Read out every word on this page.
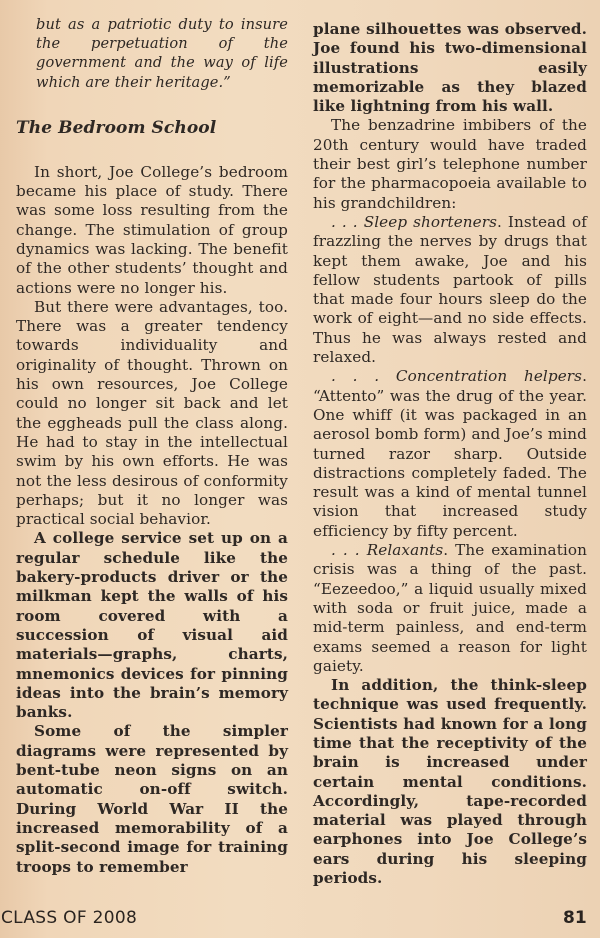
but as a patriotic duty to insure the perpetuation of the government and the way of life which are their heritage.”

The Bedroom School

In short, Joe College’s bedroom became his place of study. There was some loss resulting from the change. The stimulation of group dynamics was lacking. The benefit of the other students’ thought and actions were no longer his.

But there were advantages, too. There was a greater tendency towards individuality and originality of thought. Thrown on his own resources, Joe College could no longer sit back and let the eggheads pull the class along. He had to stay in the intellectual swim by his own efforts. He was not the less desirous of conformity perhaps; but it no longer was practical social behavior.

A college service set up on a regular schedule like the bakery-products driver or the milkman kept the walls of his room covered with a succession of visual aid materials—graphs, charts, mnemonics devices for pinning ideas into the brain’s memory banks.

Some of the simpler diagrams were represented by bent-tube neon signs on an automatic on-off switch. During World War II the increased memorability of a split-second image for training troops to remember

plane silhouettes was observed. Joe found his two-dimensional illustrations easily memorizable as they blazed like lightning from his wall.

The benzadrine imbibers of the 20th century would have traded their best girl’s telephone number for the pharmacopoeia available to his grandchildren:

. . . Sleep shorteners. Instead of frazzling the nerves by drugs that kept them awake, Joe and his fellow students partook of pills that made four hours sleep do the work of eight—and no side effects. Thus he was always rested and relaxed.

. . . Concentration helpers. “Attento” was the drug of the year. One whiff (it was packaged in an aerosol bomb form) and Joe’s mind turned razor sharp. Outside distractions completely faded. The result was a kind of mental tunnel vision that increased study efficiency by fifty percent.

. . . Relaxants. The examination crisis was a thing of the past. “Eezeedoo,” a liquid usually mixed with soda or fruit juice, made a mid-term painless, and end-term exams seemed a reason for light gaiety.

In addition, the think-sleep technique was used frequently. Scientists had known for a long time that the receptivity of the brain is increased under certain mental conditions. Accordingly, tape-recorded material was played through earphones into Joe College’s ears during his sleeping periods.

CLASS OF 2008	81
